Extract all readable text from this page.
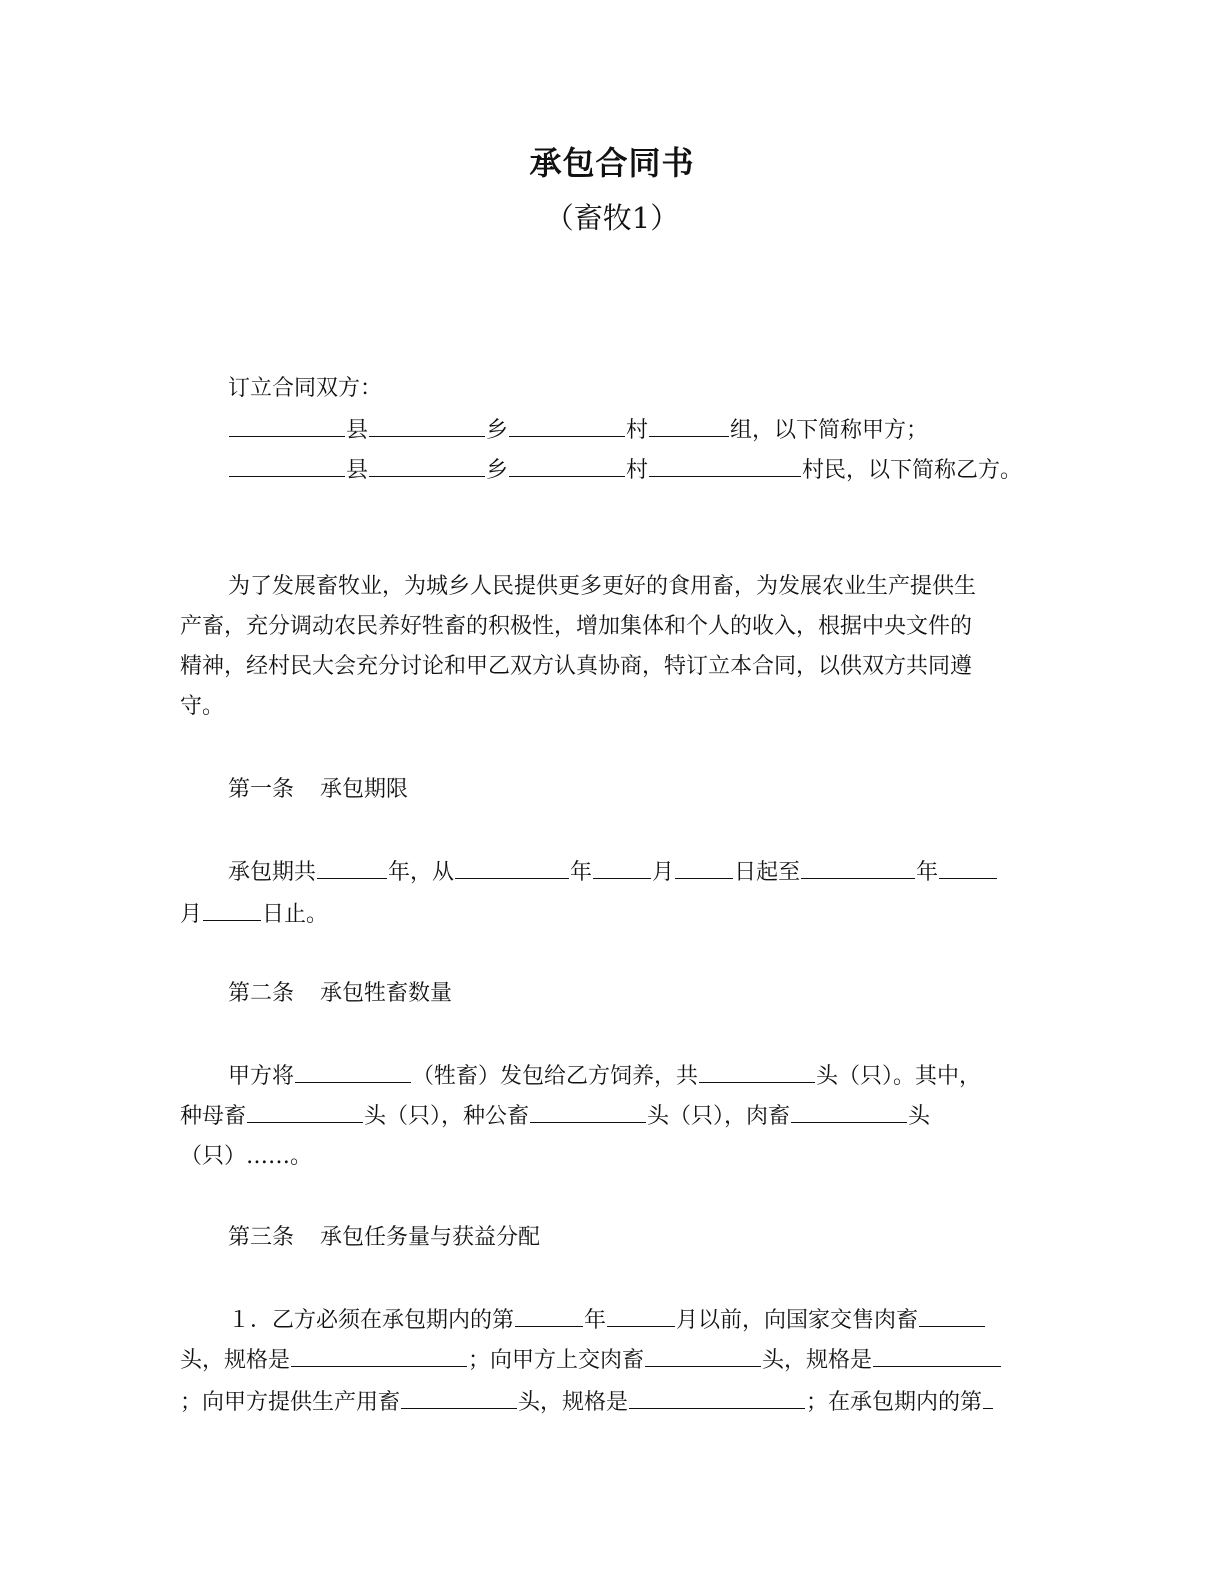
承包合同书
（畜牧1）
订立合同双方：
县	乡	村	组，以下简称甲方；
县	乡	村	村民，以下简称乙方。
为了发展畜牧业，为城乡人民提供更多更好的食用畜，为发展农业生产提供生
产畜，充分调动农民养好牲畜的积极性，增加集体和个人的收入，根据中央文件的
精神，经村民大会充分讨论和甲乙双方认真协商，特订立本合同，以供双方共同遵
守。
第一条 承包期限
承包期共	年，从	年	月	日起至	年
月	日止。
第二条 承包牲畜数量
甲方将	（牲畜）发包给乙方饲养，共	头（只）。其中，
种母畜	头（只），种公畜	头（只），肉畜	头
（只）……。
第三条 承包任务量与获益分配
１．乙方必须在承包期内的第	年	月以前，向国家交售肉畜
头，规格是	；向甲方上交肉畜	头，规格是
；向甲方提供生产用畜	头，规格是	；在承包期内的第
